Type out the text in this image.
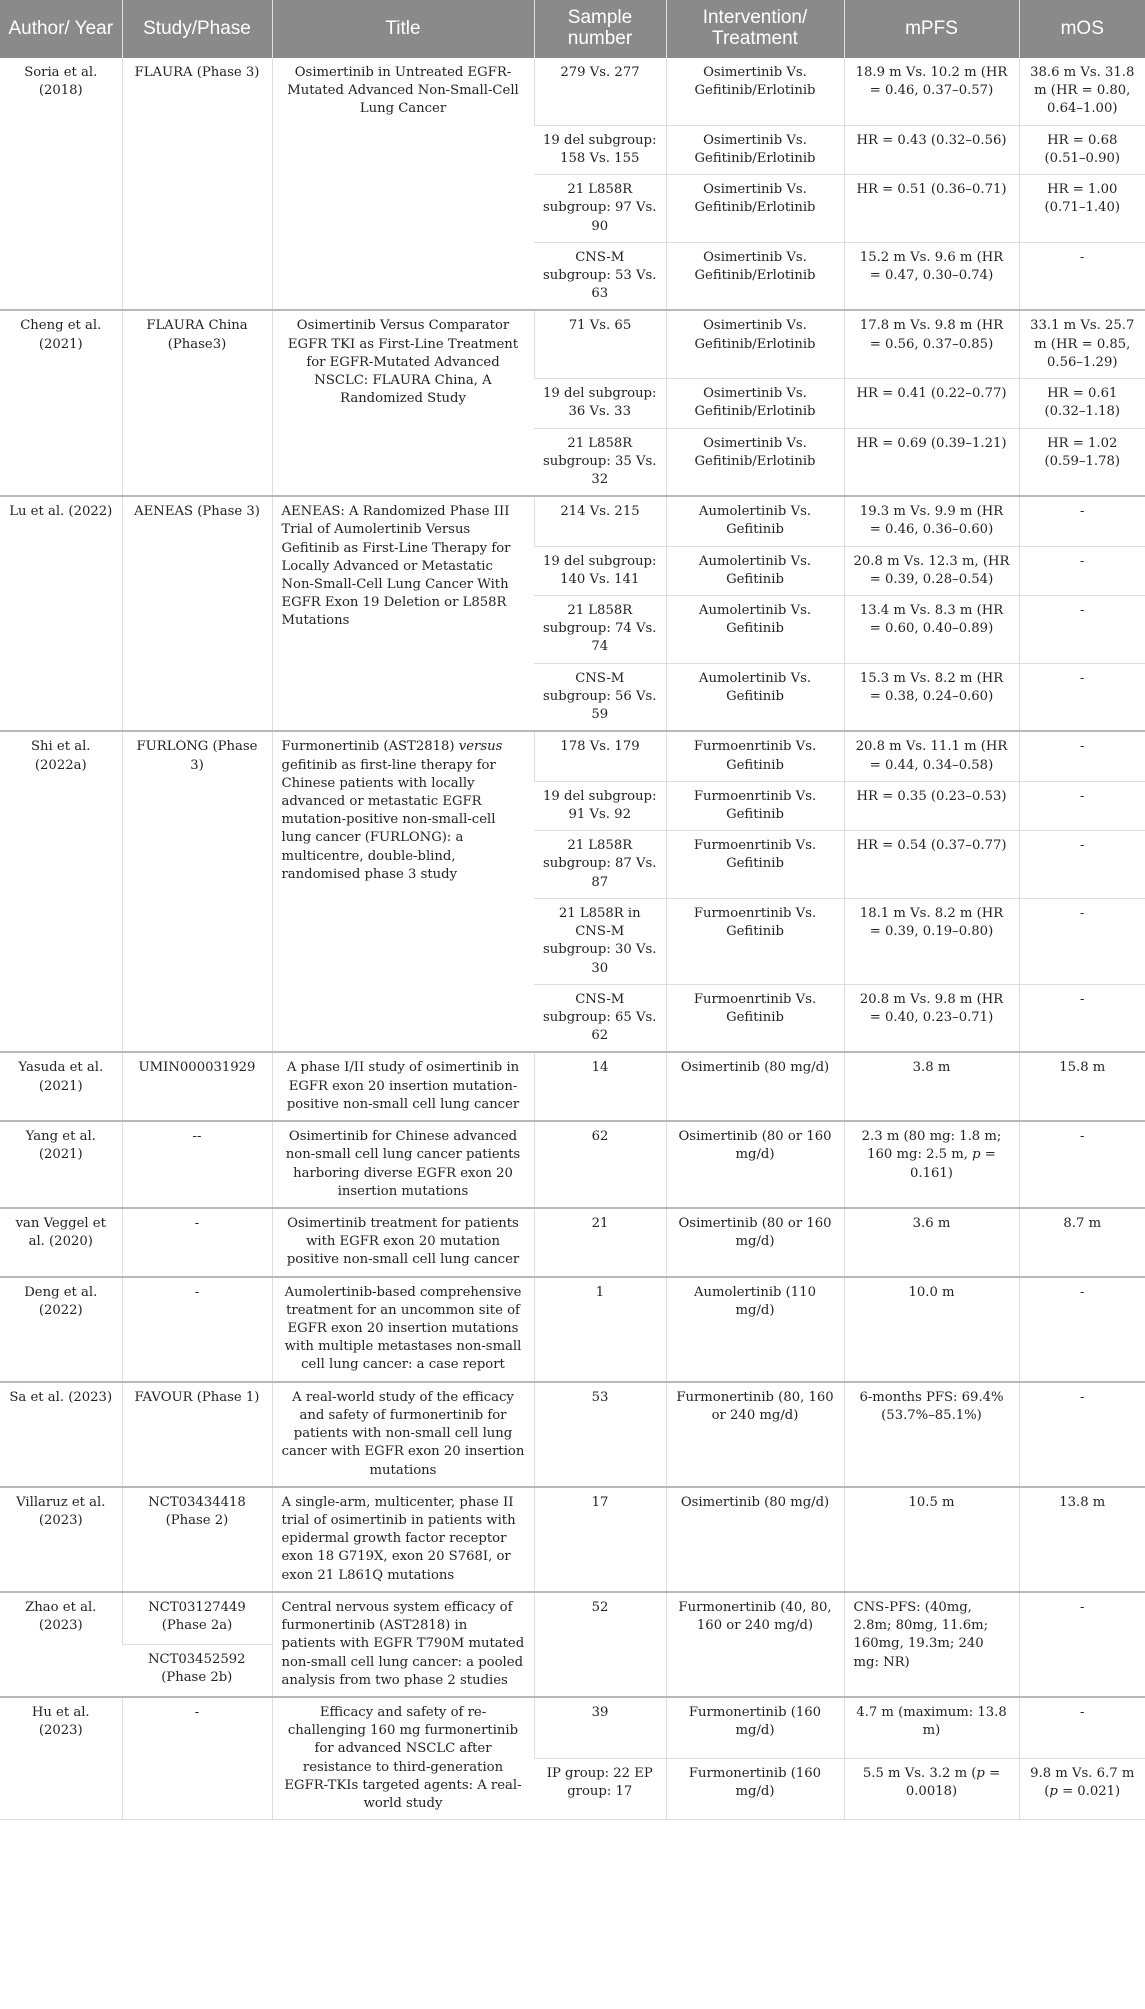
Author/ Year	Study/Phase	Title	Sample number	Intervention/ Treatment	mPFS	mOS
Soria et al. (2018)	FLAURA (Phase 3)	Osimertinib in Untreated EGFR-Mutated Advanced Non-Small-Cell Lung Cancer	279 Vs. 277	Osimertinib Vs. Gefitinib/Erlotinib	18.9 m Vs. 10.2 m (HR = 0.46, 0.37–0.57)	38.6 m Vs. 31.8 m (HR = 0.80, 0.64–1.00)
			19 del subgroup: 158 Vs. 155	Osimertinib Vs. Gefitinib/Erlotinib	HR = 0.43 (0.32–0.56)	HR = 0.68 (0.51–0.90)
			21 L858R subgroup: 97 Vs. 90	Osimertinib Vs. Gefitinib/Erlotinib	HR = 0.51 (0.36–0.71)	HR = 1.00 (0.71–1.40)
			CNS-M subgroup: 53 Vs. 63	Osimertinib Vs. Gefitinib/Erlotinib	15.2 m Vs. 9.6 m (HR = 0.47, 0.30–0.74)	-
Cheng et al. (2021)	FLAURA China (Phase3)	Osimertinib Versus Comparator EGFR TKI as First-Line Treatment for EGFR-Mutated Advanced NSCLC: FLAURA China, A Randomized Study	71 Vs. 65	Osimertinib Vs. Gefitinib/Erlotinib	17.8 m Vs. 9.8 m (HR = 0.56, 0.37–0.85)	33.1 m Vs. 25.7 m (HR = 0.85, 0.56–1.29)
			19 del subgroup: 36 Vs. 33	Osimertinib Vs. Gefitinib/Erlotinib	HR = 0.41 (0.22–0.77)	HR = 0.61 (0.32–1.18)
			21 L858R subgroup: 35 Vs. 32	Osimertinib Vs. Gefitinib/Erlotinib	HR = 0.69 (0.39–1.21)	HR = 1.02 (0.59–1.78)
Lu et al. (2022)	AENEAS (Phase 3)	AENEAS: A Randomized Phase III Trial of Aumolertinib Versus Gefitinib as First-Line Therapy for Locally Advanced or Metastatic Non-Small-Cell Lung Cancer With EGFR Exon 19 Deletion or L858R Mutations	214 Vs. 215	Aumolertinib Vs. Gefitinib	19.3 m Vs. 9.9 m (HR = 0.46, 0.36–0.60)	-
			19 del subgroup: 140 Vs. 141	Aumolertinib Vs. Gefitinib	20.8 m Vs. 12.3 m, (HR = 0.39, 0.28–0.54)	-
			21 L858R subgroup: 74 Vs. 74	Aumolertinib Vs. Gefitinib	13.4 m Vs. 8.3 m (HR = 0.60, 0.40–0.89)	-
			CNS-M subgroup: 56 Vs. 59	Aumolertinib Vs. Gefitinib	15.3 m Vs. 8.2 m (HR = 0.38, 0.24–0.60)	-
Shi et al. (2022a)	FURLONG (Phase 3)	Furmonertinib (AST2818) versus gefitinib as first-line therapy for Chinese patients with locally advanced or metastatic EGFR mutation-positive non-small-cell lung cancer (FURLONG): a multicentre, double-blind, randomised phase 3 study	178 Vs. 179	Furmoenrtinib Vs. Gefitinib	20.8 m Vs. 11.1 m (HR = 0.44, 0.34–0.58)	-
			19 del subgroup: 91 Vs. 92	Furmoenrtinib Vs. Gefitinib	HR = 0.35 (0.23–0.53)	-
			21 L858R subgroup: 87 Vs. 87	Furmoenrtinib Vs. Gefitinib	HR = 0.54 (0.37–0.77)	-
			21 L858R in CNS-M subgroup: 30 Vs. 30	Furmoenrtinib Vs. Gefitinib	18.1 m Vs. 8.2 m (HR = 0.39, 0.19–0.80)	-
			CNS-M subgroup: 65 Vs. 62	Furmoenrtinib Vs. Gefitinib	20.8 m Vs. 9.8 m (HR = 0.40, 0.23–0.71)	-
Yasuda et al. (2021)	UMIN000031929	A phase I/II study of osimertinib in EGFR exon 20 insertion mutation-positive non-small cell lung cancer	14	Osimertinib (80 mg/d)	3.8 m	15.8 m
Yang et al. (2021)	--	Osimertinib for Chinese advanced non-small cell lung cancer patients harboring diverse EGFR exon 20 insertion mutations	62	Osimertinib (80 or 160 mg/d)	2.3 m (80 mg: 1.8 m; 160 mg: 2.5 m, p = 0.161)	-
van Veggel et al. (2020)	-	Osimertinib treatment for patients with EGFR exon 20 mutation positive non-small cell lung cancer	21	Osimertinib (80 or 160 mg/d)	3.6 m	8.7 m
Deng et al. (2022)	-	Aumolertinib-based comprehensive treatment for an uncommon site of EGFR exon 20 insertion mutations with multiple metastases non-small cell lung cancer: a case report	1	Aumolertinib (110 mg/d)	10.0 m	-
Sa et al. (2023)	FAVOUR (Phase 1)	A real-world study of the efficacy and safety of furmonertinib for patients with non-small cell lung cancer with EGFR exon 20 insertion mutations	53	Furmonertinib (80, 160 or 240 mg/d)	6-months PFS: 69.4% (53.7%–85.1%)	-
Villaruz et al. (2023)	NCT03434418 (Phase 2)	A single-arm, multicenter, phase II trial of osimertinib in patients with epidermal growth factor receptor exon 18 G719X, exon 20 S768I, or exon 21 L861Q mutations	17	Osimertinib (80 mg/d)	10.5 m	13.8 m
Zhao et al. (2023)	NCT03127449 (Phase 2a)	Central nervous system efficacy of furmonertinib (AST2818) in patients with EGFR T790M mutated non-small cell lung cancer: a pooled analysis from two phase 2 studies	52	Furmonertinib (40, 80, 160 or 240 mg/d)	CNS-PFS: (40mg, 2.8m; 80mg, 11.6m; 160mg, 19.3m; 240 mg: NR)	-
	NCT03452592 (Phase 2b)					
Hu et al. (2023)	-	Efficacy and safety of re-challenging 160 mg furmonertinib for advanced NSCLC after resistance to third-generation EGFR-TKIs targeted agents: A real-world study	39	Furmonertinib (160 mg/d)	4.7 m (maximum: 13.8 m)	-
			IP group: 22 EP group: 17	Furmonertinib (160 mg/d)	5.5 m Vs. 3.2 m (p = 0.0018)	9.8 m Vs. 6.7 m (p = 0.021)
